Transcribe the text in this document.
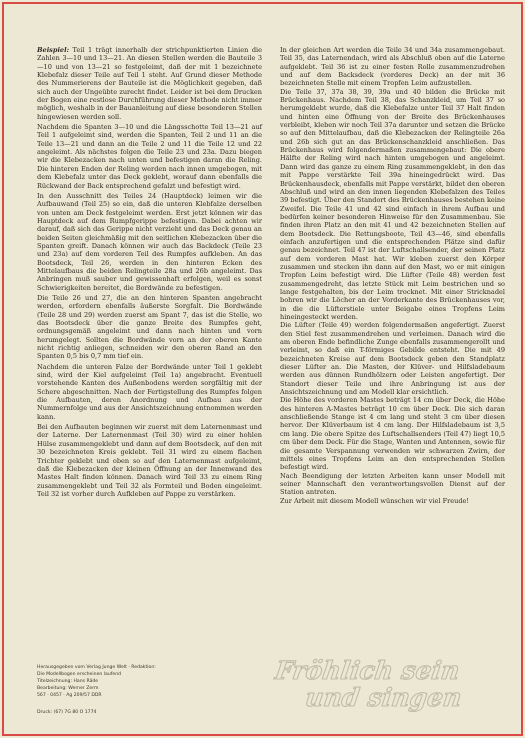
Beispiel: Teil 1 trägt innerhalb der strichpunktierten Linien die Zahlen 3—10 und 13—21. An diesen Stellen werden die Bauteile 3—10 und von 13—21 so festgeleimt, daß der mit 1 bezeichnete Klebefalz dieser Teile auf Teil 1 steht. Auf Grund dieser Methode des Nummerierens der Bauteile ist die Möglichkeit gegeben, daß sich auch der Ungeübte zurecht findet. Leider ist bei dem Drucken der Bogen eine restlose Durchführung dieser Methode nicht immer möglich, weshalb in der Bauanleitung auf diese besonderen Stellen hingewiesen werden soll.

Nachdem die Spanten 3—10 und die Längsschotte Teil 13—21 auf Teil 1 aufgeleimt sind, werden die Spanten, Teil 2 und 11 an die Teile 13—21 und dann an die Teile 2 und 11 die Teile 12 und 22 angeleimt. Als nächstes folgen die Teile 23 und 23a. Dazu biegen wir die Klebezacken nach unten und befestigen daran die Reling. Die hinteren Enden der Reling werden nach innen umgebogen, mit dem Klebefalz unter das Deck geklebt, worauf dann ebenfalls die Rückwand der Back entsprechend gefalzt und befestigt wird.

In den Ausschnitt des Teiles 24 (Hauptdeck) leimen wir die Aufbauwand (Teil 25) so ein, daß die unteren Klebfalze derselben von unten am Deck festgeleimt werden. Erst jetzt können wir das Hauptdeck auf dem Rumpfgerippe befestigen. Dabei achten wir darauf, daß sich das Gerippe nicht verzieht und das Deck genau an beiden Seiten gleichmäßig mit den seitlichen Klebezacken über die Spanten greift. Danach können wir auch das Backdeck (Teile 23 und 23a) auf dem vorderen Teil des Rumpfes aufkleben. An das Bootsdeck, Teil 26, werden in den hinteren Ecken des Mittelaufbaus die beiden Relingteile 28a und 26b angeleimt. Das Anbringen muß sauber und gewissenhaft erfolgen, weil es sonst Schwierigkeiten bereitet, die Bordwände zu befestigen.

Die Teile 26 und 27, die an den hinteren Spanten angebracht werden, erfordern ebenfalls äußerste Sorgfalt. Die Bordwände (Teile 28 und 29) werden zuerst am Spant 7, das ist die Stelle, wo das Bootsdeck über die ganze Breite des Rumpfes geht, ordnungsgemäß angeleimt und dann nach hinten und vorn herumgelegt. Sollten die Bordwände vorn an der oberen Kante nicht richtig anliegen, schneiden wir den oberen Rand an den Spanten 0,5 bis 0,7 mm tief ein.

Nachdem die unteren Falze der Bordwände unter Teil 1 geklebt sind, wird der Kiel aufgeleimt (Teil 1a) angebracht. Eventuell vorstehende Kanten des Außenbodens werden sorgfältig mit der Schere abgeschnitten. Nach der Fertigstellung des Rumpfes folgen die Aufbauten, deren Anordnung und Aufbau aus der Nummernfolge und aus der Ansichtszeichnung entnommen werden kann.

Bei den Aufbauten beginnen wir zuerst mit dem Laternenmast und der Laterne. Der Laternenmast (Teil 30) wird zu einer hohlen Hülse zusammengeklebt und dann auf dem Bootsdeck, auf den mit 30 bezeichneten Kreis geklebt. Teil 31 wird zu einem flachen Trichter geklebt und oben so auf den Laternenmast aufgeleimt, daß die Klebezacken der kleinen Öffnung an der Innenwand des Mastes Halt finden können. Danach wird Teil 33 zu einem Ring zusammengeklebt und Teil 32 als Formteil und Boden eingeleimt. Teil 32 ist vorher durch Aufkleben auf Pappe zu verstärken.

In der gleichen Art werden die Teile 34 und 34a zusammengebaut. Teil 35, das Laternendach, wird als Abschluß oben auf die Laterne aufgeklebt. Teil 36 ist zu einer festen Rolle zusammenzudrehen und auf dem Backsdeck (vorderes Deck) an der mit 36 bezeichneten Stelle mit einem Tropfen Leim aufzustellen.

Die Teile 37, 37a 38, 39, 39a und 40 bilden die Brücke mit Brückenhaus. Nachdem Teil 38, das Schanzkleid, um Teil 37 so herumgeklebt wurde, daß die Klebefalze unter Teil 37 Halt finden und hinten eine Öffnung von der Breite des Brückenhauses verbleibt, kleben wir noch Teil 37a darunter und setzen die Brücke so auf den Mittelaufbau, daß die Klebezacken der Relingteile 26a und 26b sich gut an das Brückenschanzkleid anschließen. Das Brückenhaus wird folgendermaßen zusammengebaut: Die obere Hälfte der Reling wird nach hinten umgebogen und angeleimt. Dann wird das ganze zu einem Ring zusammengeklebt, in den das mit Pappe verstärkte Teil 39a hineingedrückt wird. Das Brückenhausdeck, ebenfalls mit Pappe verstärkt, bildet den oberen Abschluß und wird an den innen liegenden Klebefalzen des Teiles 39 befestigt. Über den Standort des Brückenhauses bestehen keine Zweifel. Die Teile 41 und 42 sind einfach in ihrem Aufbau und bedürfen keiner besonderen Hinweise für den Zusammenbau. Sie finden ihren Platz an den mit 41 und 42 bezeichneten Stellen auf dem Bootsdeck. Die Rettungsboote, Teil 43—46, sind ebenfalls einfach anzufertigen und die entsprechenden Plätze sind dafür genau bezeichnet. Teil 47 ist der Luftschallsender, der seinen Platz auf dem vorderen Mast hat. Wir kleben zuerst den Körper zusammen und stecken ihn dann auf den Mast, wo er mit einigen Tropfen Leim befestigt wird. Die Lüfter (Teile 48) werden fest zusammengedreht, das letzte Stück mit Leim bestrichen und so lange festgehalten, bis der Leim trocknet. Mit einer Stricknadel bohren wir die Löcher an der Vorderkante des Brückenhauses vor, in die die Lüfterstiele unter Beigabe eines Tropfens Leim hineingesteckt werden.

Die Lüfter (Teile 49) werden folgendermaßen angefertigt. Zuerst den Stiel fest zusammendrehen und verleimen. Danach wird die am oberen Ende befindliche Zunge ebenfalls zusammengerollt und verleimt, so daß ein T-förmiges Gebilde entsteht. Die mit 49 bezeichneten Kreise auf dem Bootsdeck geben den Standplatz dieser Lüfter an. Die Masten, der Klüver- und Hilfsladebaum werden aus dünnen Rundhölzern oder Leisten angefertigt. Der Standort dieser Teile und ihre Anbringung ist aus der Ansichtszeichnung und am Modell klar ersichtlich.

Die Höhe des vorderen Mastes beträgt 14 cm über Deck, die Höhe des hinteren A-Mastes beträgt 10 cm über Deck. Die sich daran anschließende Stange ist 4 cm lang und steht 3 cm über diesen hervor. Der Klüverbaum ist 4 cm lang. Der Hilfsladebaum ist 3,5 cm lang. Die obere Spitze des Luftschallsenders (Teil 47) liegt 10,5 cm über dem Deck. Für die Stage, Wanten und Antennen, sowie für die gesamte Verspannung verwenden wir schwarzen Zwirn, der mittels eines Tropfens Leim an den entsprechenden Stellen befestigt wird.

Nach Beendigung der letzten Arbeiten kann unser Modell mit seiner Mannschaft den verantwortungsvollen Dienst auf der Station antreten.

Zur Arbeit mit diesem Modell wünschen wir viel Freude!

Herausgegeben vom Verlag Junge Welt · Redaktion:
Die Modellbogen erscheinen laufend
Titelzeichnung: Hans Räde
Bearbeitung: Werner Zerm
567 · 0457 · Ag 209/57 DDR
Druck: (67) 7G 80 O 1774
Fröhlich sein
und singen
